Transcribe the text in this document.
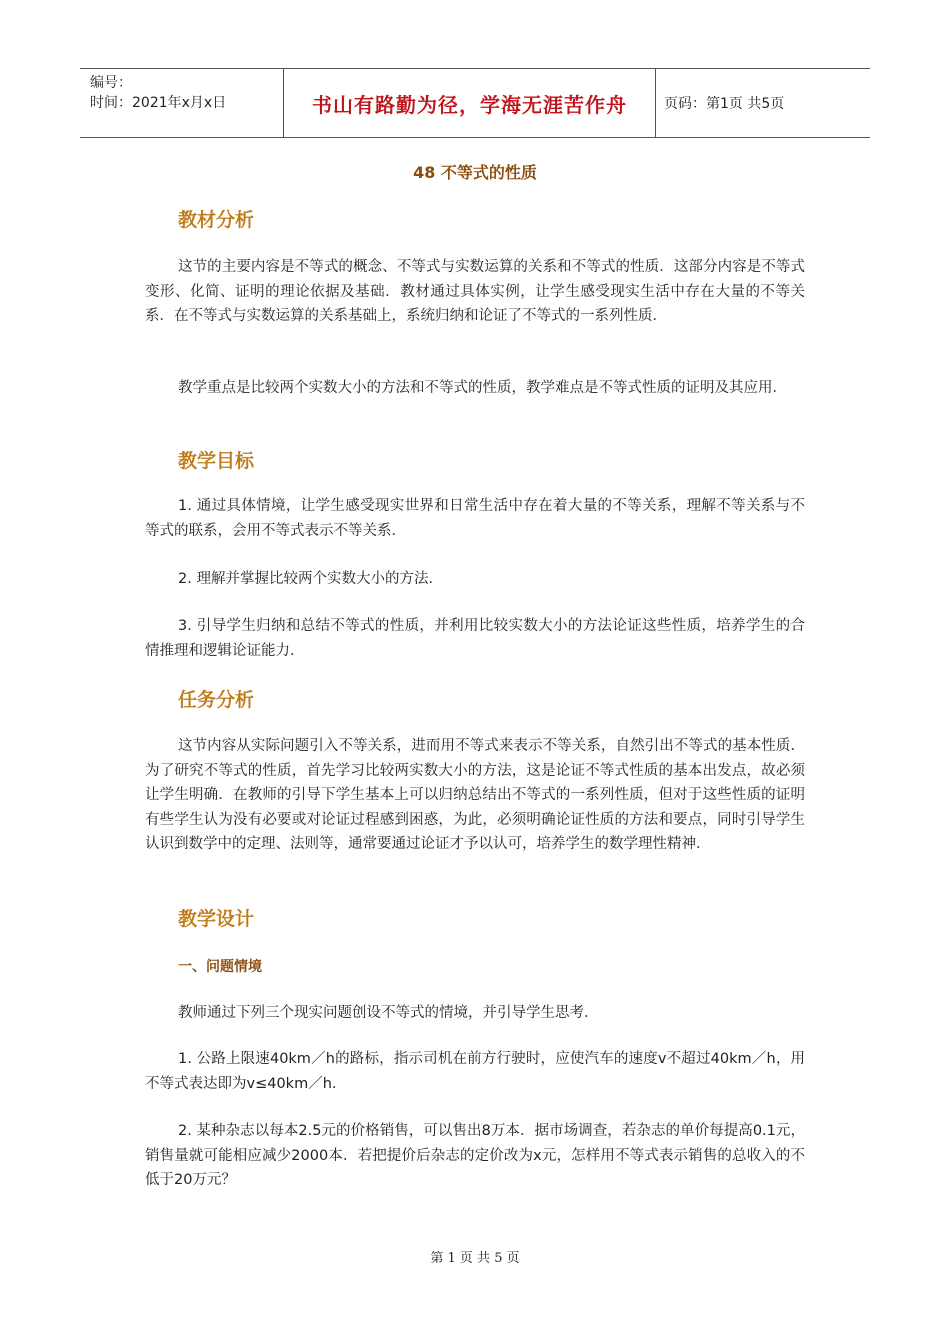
编号：
时间：2021年x月x日	书山有路勤为径，学海无涯苦作舟	页码：第1页 共5页
48 不等式的性质
教材分析
这节的主要内容是不等式的概念、不等式与实数运算的关系和不等式的性质．这部分内容是不等式变形、化简、证明的理论依据及基础．教材通过具体实例，让学生感受现实生活中存在大量的不等关系．在不等式与实数运算的关系基础上，系统归纳和论证了不等式的一系列性质．
教学重点是比较两个实数大小的方法和不等式的性质，教学难点是不等式性质的证明及其应用．
教学目标
1. 通过具体情境，让学生感受现实世界和日常生活中存在着大量的不等关系，理解不等关系与不等式的联系，会用不等式表示不等关系．
2. 理解并掌握比较两个实数大小的方法．
3. 引导学生归纳和总结不等式的性质，并利用比较实数大小的方法论证这些性质，培养学生的合情推理和逻辑论证能力．
任务分析
这节内容从实际问题引入不等关系，进而用不等式来表示不等关系，自然引出不等式的基本性质．为了研究不等式的性质，首先学习比较两实数大小的方法，这是论证不等式性质的基本出发点，故必须让学生明确．在教师的引导下学生基本上可以归纳总结出不等式的一系列性质，但对于这些性质的证明有些学生认为没有必要或对论证过程感到困惑，为此，必须明确论证性质的方法和要点，同时引导学生认识到数学中的定理、法则等，通常要通过论证才予以认可，培养学生的数学理性精神．
教学设计
一、问题情境
教师通过下列三个现实问题创设不等式的情境，并引导学生思考．
1. 公路上限速40km／h的路标，指示司机在前方行驶时，应使汽车的速度v不超过40km／h，用不等式表达即为v≤40km／h．
2. 某种杂志以每本2.5元的价格销售，可以售出8万本．据市场调查，若杂志的单价每提高0.1元，销售量就可能相应减少2000本．若把提价后杂志的定价改为x元，怎样用不等式表示销售的总收入的不低于20万元？
第 1 页 共 5 页
